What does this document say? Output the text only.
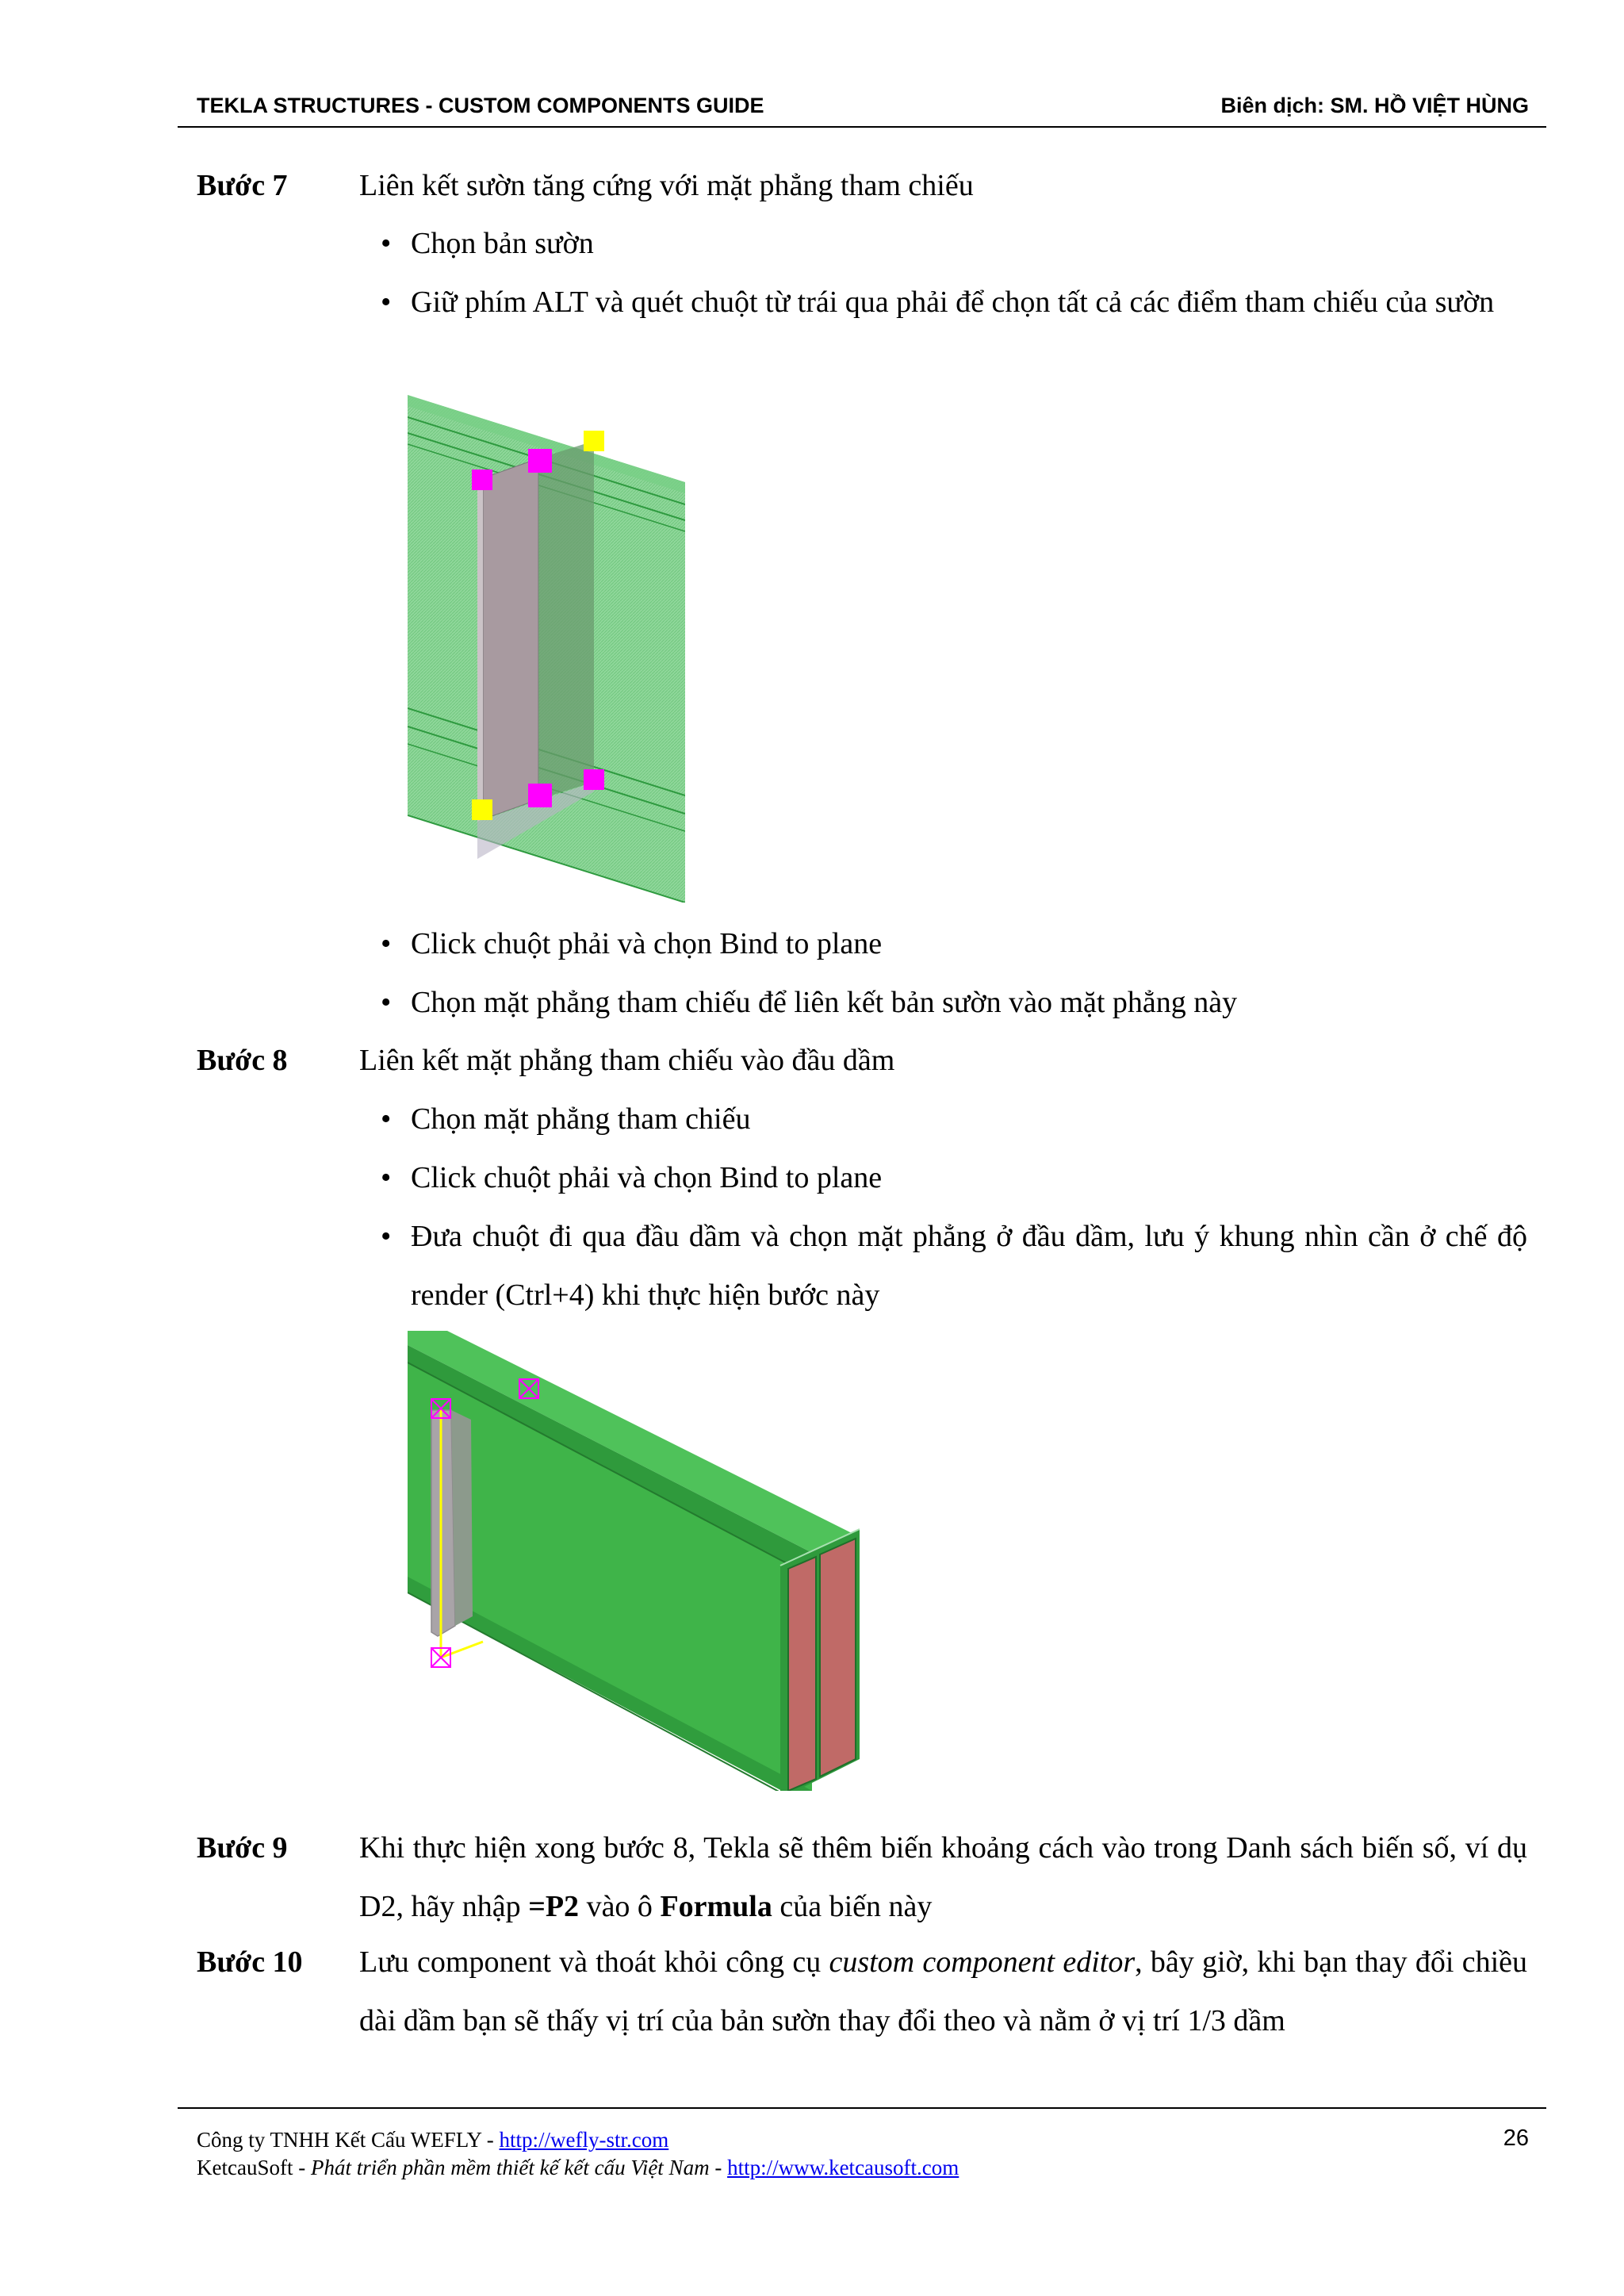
TEKLA STRUCTURES - CUSTOM COMPONENTS GUIDE	Biên dịch: SM. HỒ VIỆT HÙNG
Bước 7 Liên kết sườn tăng cứng với mặt phẳng tham chiếu
• Chọn bản sườn
• Giữ phím ALT và quét chuột từ trái qua phải để chọn tất cả các điểm tham chiếu của sườn
• Click chuột phải và chọn Bind to plane
• Chọn mặt phẳng tham chiếu để liên kết bản sườn vào mặt phẳng này
Bước 8 Liên kết mặt phẳng tham chiếu vào đầu dầm
• Chọn mặt phẳng tham chiếu
• Click chuột phải và chọn Bind to plane
• Đưa chuột đi qua đầu dầm và chọn mặt phẳng ở đầu dầm, lưu ý khung nhìn cần ở chế độ render (Ctrl+4) khi thực hiện bước này
Bước 9 Khi thực hiện xong bước 8, Tekla sẽ thêm biến khoảng cách vào trong Danh sách biến số, ví dụ D2, hãy nhập =P2 vào ô Formula của biến này
Bước 10 Lưu component và thoát khỏi công cụ custom component editor, bây giờ, khi bạn thay đổi chiều dài dầm bạn sẽ thấy vị trí của bản sườn thay đổi theo và nằm ở vị trí 1/3 dầm
Công ty TNHH Kết Cấu WEFLY - http://wefly-str.com
KetcauSoft - Phát triển phần mềm thiết kế kết cấu Việt Nam - http://www.ketcausoft.com
26
